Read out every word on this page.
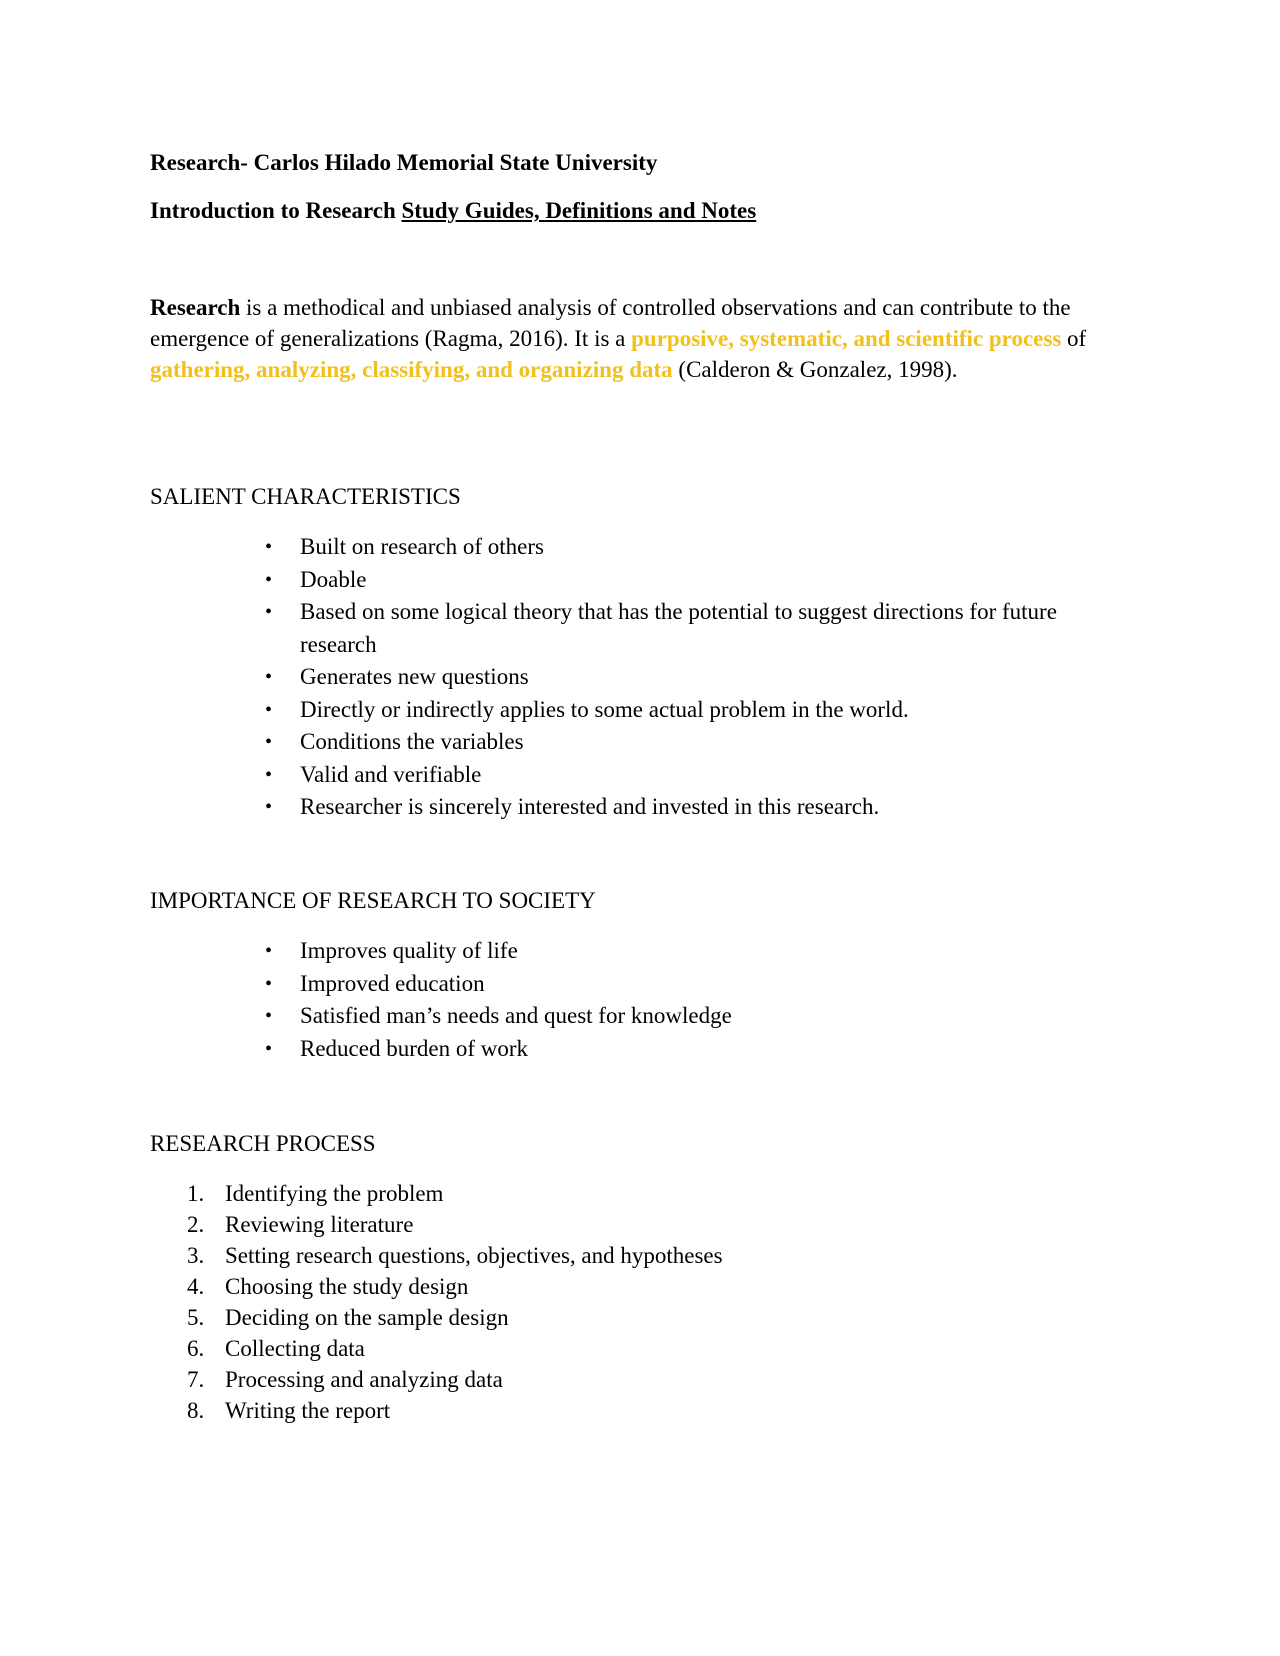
Research- Carlos Hilado Memorial State University
Introduction to Research Study Guides, Definitions and Notes
Research is a methodical and unbiased analysis of controlled observations and can contribute to the emergence of generalizations (Ragma, 2016). It is a purposive, systematic, and scientific process of gathering, analyzing, classifying, and organizing data (Calderon & Gonzalez, 1998).
SALIENT CHARACTERISTICS
• Built on research of others
• Doable
• Based on some logical theory that has the potential to suggest directions for future research
• Generates new questions
• Directly or indirectly applies to some actual problem in the world.
• Conditions the variables
• Valid and verifiable
• Researcher is sincerely interested and invested in this research.
IMPORTANCE OF RESEARCH TO SOCIETY
• Improves quality of life
• Improved education
• Satisfied man’s needs and quest for knowledge
• Reduced burden of work
RESEARCH PROCESS
1. Identifying the problem
2. Reviewing literature
3. Setting research questions, objectives, and hypotheses
4. Choosing the study design
5. Deciding on the sample design
6. Collecting data
7. Processing and analyzing data
8. Writing the report
